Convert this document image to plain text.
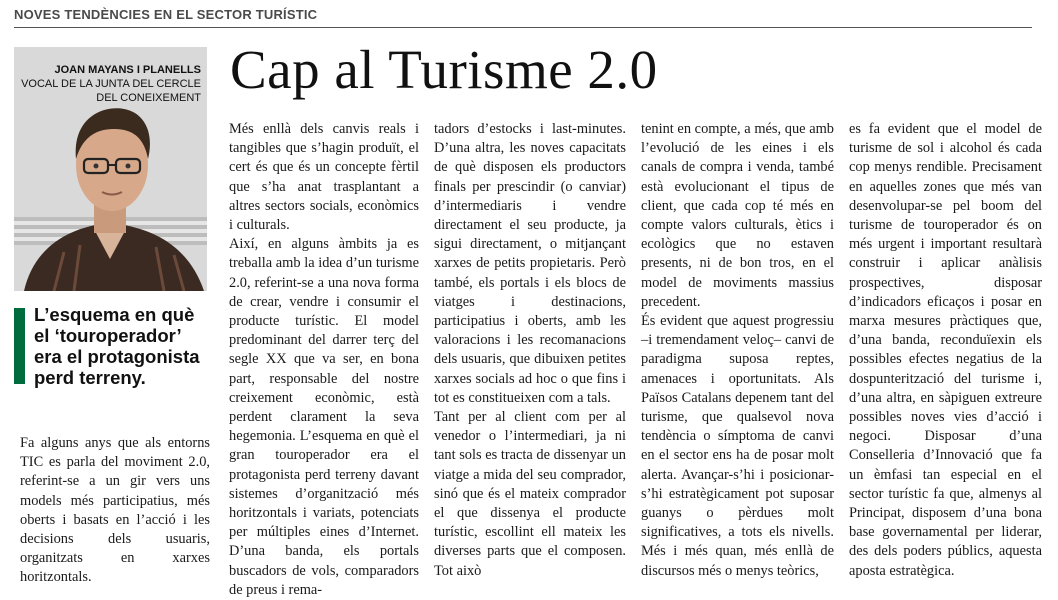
NOVES TENDÈNCIES EN EL SECTOR TURÍSTIC
JOAN MAYANS I PLANELLS
VOCAL DE LA JUNTA DEL CERCLE DEL CONEIXEMENT
L’esquema en què el ‘touroperador’ era el protagonista perd terreny.
Cap al Turisme 2.0

Fa alguns anys que als entorns TIC es parla del moviment 2.0, referint-se a un gir vers uns models més participatius, més oberts i basats en l’acció i les decisions dels usuaris, organitzats en xarxes horitzontals.

Més enllà dels canvis reals i tangibles que s’hagin produït, el cert és que és un concepte fèrtil que s’ha anat trasplantant a altres sectors socials, econòmics i culturals.

Així, en alguns àmbits ja es treballa amb la idea d’un turisme 2.0, referint-se a una nova forma de crear, vendre i consumir el producte turístic. El model predominant del darrer terç del segle XX que va ser, en bona part, responsable del nostre creixement econòmic, està perdent clarament la seva hegemonia. L’esquema en què el gran touroperador era el protagonista perd terreny davant sistemes d’organització més horitzontals i variats, potenciats per múltiples eines d’Internet. D’una banda, els portals buscadors de vols, comparadors de preus i rema-

tadors d’estocks i last-minutes. D’una altra, les noves capacitats de què disposen els productors finals per prescindir (o canviar) d’intermediaris i vendre directament el seu producte, ja sigui directament, o mitjançant xarxes de petits propietaris. Però també, els portals i els blocs de viatges i destinacions, participatius i oberts, amb les valoracions i les recomanacions dels usuaris, que dibuixen petites xarxes socials ad hoc o que fins i tot es constitueixen com a tals.

Tant per al client com per al venedor o l’intermediari, ja ni tant sols es tracta de dissenyar un viatge a mida del seu comprador, sinó que és el mateix comprador el que dissenya el producte turístic, escollint ell mateix les diverses parts que el composen. Tot això

tenint en compte, a més, que amb l’evolució de les eines i els canals de compra i venda, també està evolucionant el tipus de client, que cada cop té més en compte valors culturals, ètics i ecològics que no estaven presents, ni de bon tros, en el model de moviments massius precedent.

És evident que aquest progressiu –i tremendament veloç– canvi de paradigma suposa reptes, amenaces i oportunitats. Als Països Catalans depenem tant del turisme, que qualsevol nova tendència o símptoma de canvi en el sector ens ha de posar molt alerta. Avançar-s’hi i posicionar-s’hi estratègicament pot suposar guanys o pèrdues molt significatives, a tots els nivells. Més i més quan, més enllà de discursos més o menys teòrics,

es fa evident que el model de turisme de sol i alcohol és cada cop menys rendible. Precisament en aquelles zones que més van desenvolupar-se pel boom del turisme de touroperador és on més urgent i important resultarà construir i aplicar anàlisis prospectives, disposar d’indicadors eficaços i posar en marxa mesures pràctiques que, d’una banda, reconduïexin els possibles efectes negatius de la dospunterització del turisme i, d’una altra, en sàpiguen extreure possibles noves vies d’acció i negoci. Disposar d’una Conselleria d’Innovació que fa un èmfasi tan especial en el sector turístic fa que, almenys al Principat, disposem d’una bona base governamental per liderar, des dels poders públics, aquesta aposta estratègica.
